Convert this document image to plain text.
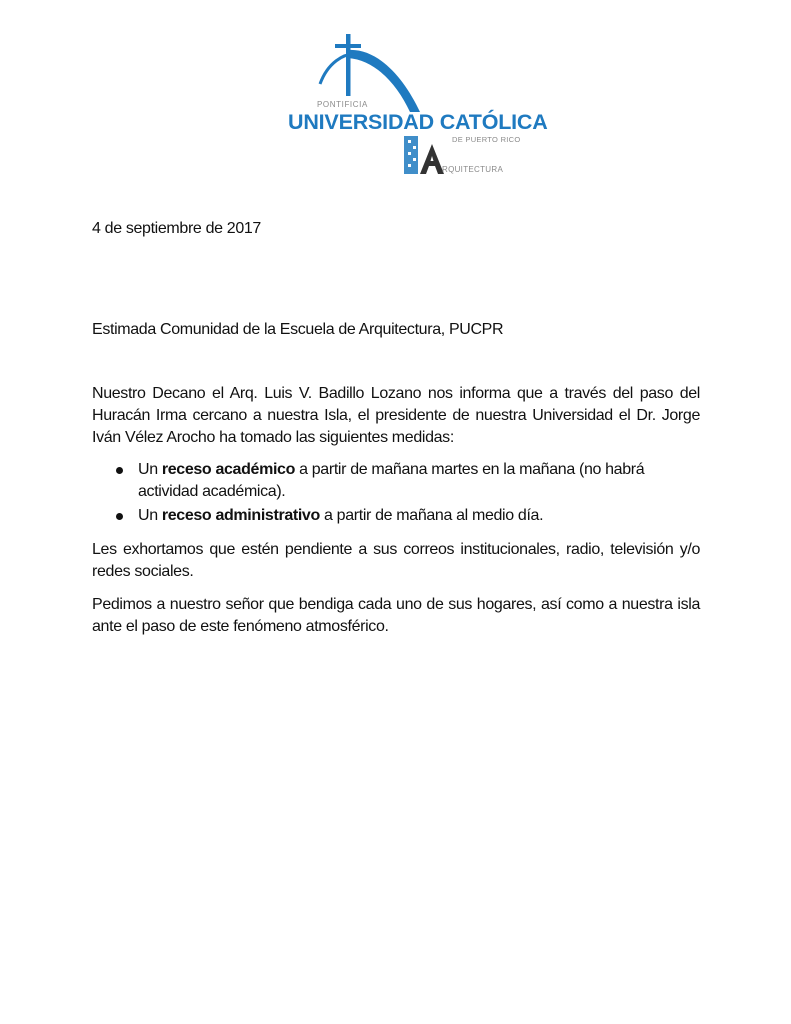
PONTIFICIA
UNIVERSIDAD CATÓLICA
DE PUERTO RICO
RQUITECTURA
4 de septiembre de 2017
Estimada Comunidad de la Escuela de Arquitectura, PUCPR
Nuestro Decano el Arq. Luis V. Badillo Lozano nos informa que a través del paso del Huracán Irma cercano a nuestra Isla, el presidente de nuestra Universidad el Dr. Jorge Iván Vélez Arocho ha tomado las siguientes medidas:
Un receso académico a partir de mañana martes en la mañana (no habrá actividad académica).
Un receso administrativo a partir de mañana al medio día.
Les exhortamos que estén pendiente a sus correos institucionales, radio, televisión y/o redes sociales.
Pedimos a nuestro señor que bendiga cada uno de sus hogares, así como a nuestra isla ante el paso de este fenómeno atmosférico.
